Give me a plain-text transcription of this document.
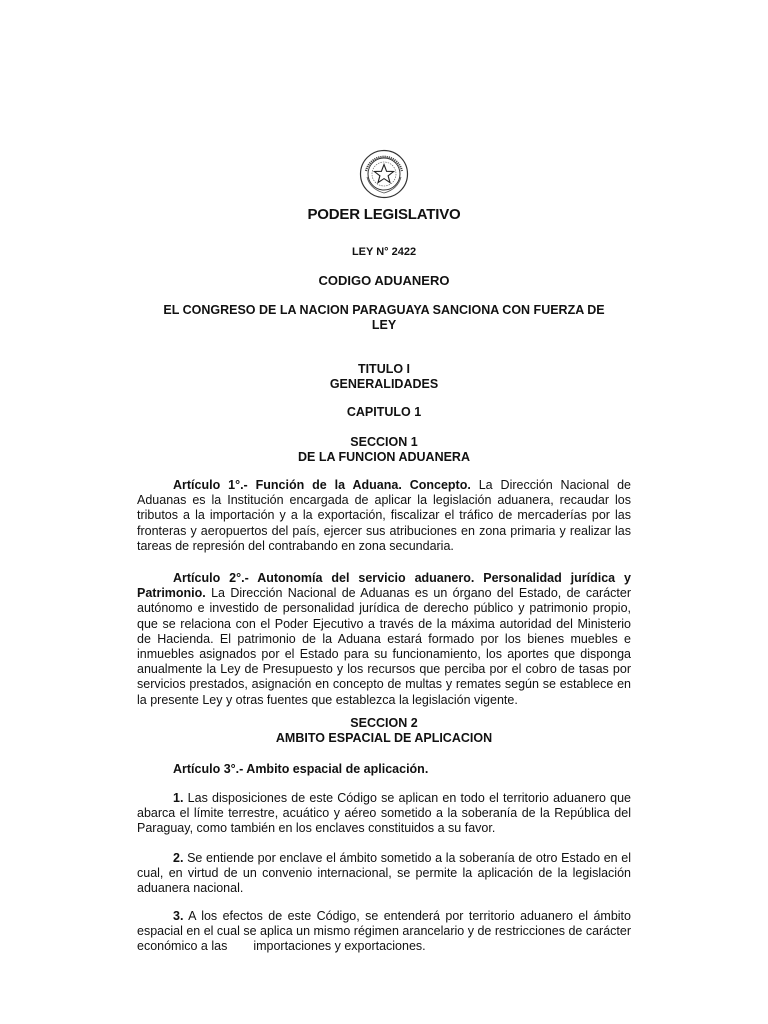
PODER LEGISLATIVO

LEY N° 2422

CODIGO ADUANERO

EL CONGRESO DE LA NACION PARAGUAYA SANCIONA CON FUERZA DE
LEY
TITULO I
GENERALIDADES

CAPITULO 1

SECCION 1
DE LA FUNCION ADUANERA

Artículo 1°.- Función de la Aduana. Concepto. La Dirección Nacional de Aduanas es la Institución encargada de aplicar la legislación aduanera, recaudar los tributos a la importación y a la exportación, fiscalizar el tráfico de mercaderías por las fronteras y aeropuertos del país, ejercer sus atribuciones en zona primaria y realizar las tareas de represión del contrabando en zona secundaria.

Artículo 2°.- Autonomía del servicio aduanero. Personalidad jurídica y Patrimonio. La Dirección Nacional de Aduanas es un órgano del Estado, de carácter autónomo e investido de personalidad jurídica de derecho público y patrimonio propio, que se relaciona con el Poder Ejecutivo a través de la máxima autoridad del Ministerio de Hacienda. El patrimonio de la Aduana estará formado por los bienes muebles e inmuebles asignados por el Estado para su funcionamiento, los aportes que disponga anualmente la Ley de Presupuesto y los recursos que perciba por el cobro de tasas por servicios prestados, asignación en concepto de multas y remates según se establece en la presente Ley y otras fuentes que establezca la legislación vigente.

SECCION 2
AMBITO ESPACIAL DE APLICACION

Artículo 3°.- Ambito espacial de aplicación.

1. Las disposiciones de este Código se aplican en todo el territorio aduanero que abarca el límite terrestre, acuático y aéreo sometido a la soberanía de la República del Paraguay, como también en los enclaves constituidos a su favor.

2. Se entiende por enclave el ámbito sometido a la soberanía de otro Estado en el cual, en virtud de un convenio internacional, se permite la aplicación de la legislación aduanera nacional.

3. A los efectos de este Código, se entenderá por territorio aduanero el ámbito espacial en el cual se aplica un mismo régimen arancelario y de restricciones de carácter económico a las importaciones y exportaciones.
